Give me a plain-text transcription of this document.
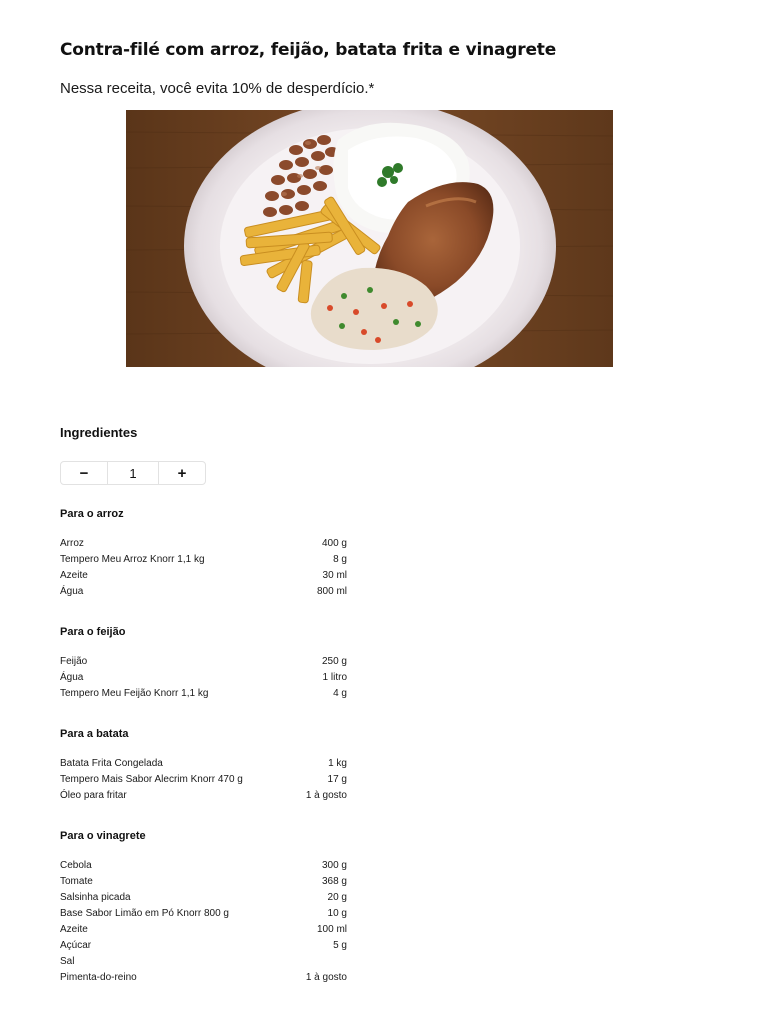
Contra-filé com arroz, feijão, batata frita e vinagrete

Nessa receita, você evita 10% de desperdício.*

Ingredientes
−	1	+
Para o arroz
Arroz	400 g
Tempero Meu Arroz Knorr 1,1 kg	8 g
Azeite	30 ml
Água	800 ml
Para o feijão
Feijão	250 g
Água	1 litro
Tempero Meu Feijão Knorr 1,1 kg	4 g
Para a batata
Batata Frita Congelada	1 kg
Tempero Mais Sabor Alecrim Knorr 470 g	17 g
Óleo para fritar	1 à gosto
Para o vinagrete
Cebola	300 g
Tomate	368 g
Salsinha picada	20 g
Base Sabor Limão em Pó Knorr 800 g	10 g
Azeite	100 ml
Açúcar	5 g
Sal
Pimenta-do-reino	1 à gosto
